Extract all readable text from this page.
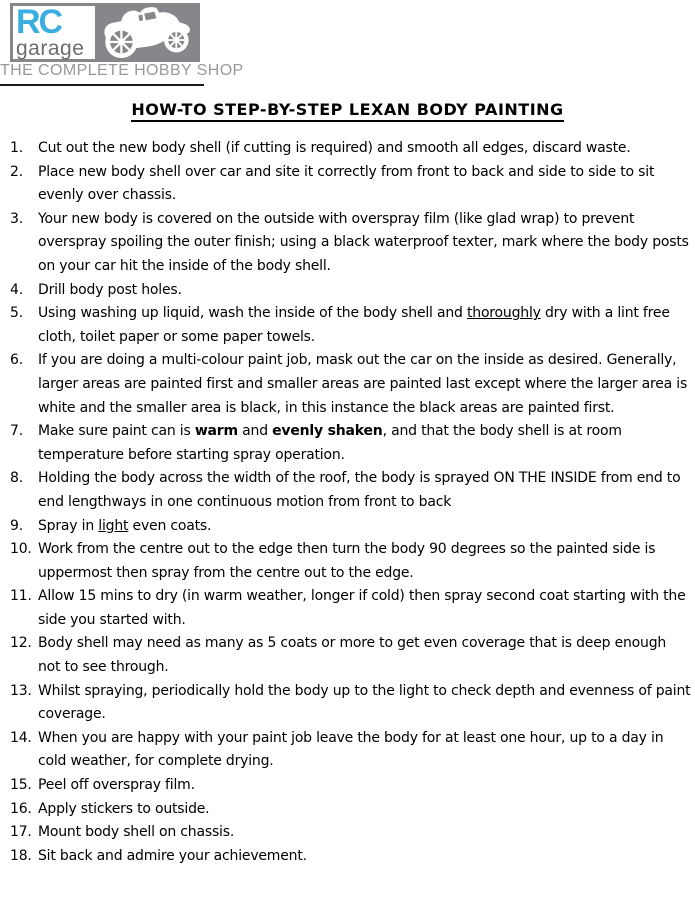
RC
garage
THE COMPLETE HOBBY SHOP
HOW-TO STEP-BY-STEP LEXAN BODY PAINTING
1.	Cut out the new body shell (if cutting is required) and smooth all edges, discard waste.
2.	Place new body shell over car and site it correctly from front to back and side to side to sit evenly over chassis.
3.	Your new body is covered on the outside with overspray film (like glad wrap) to prevent overspray spoiling the outer finish; using a black waterproof texter, mark where the body posts on your car hit the inside of the body shell.
4.	Drill body post holes.
5.	Using washing up liquid, wash the inside of the body shell and thoroughly dry with a lint free cloth, toilet paper or some paper towels.
6.	If you are doing a multi-colour paint job, mask out the car on the inside as desired. Generally, larger areas are painted first and smaller areas are painted last except where the larger area is white and the smaller area is black, in this instance the black areas are painted first.
7.	Make sure paint can is warm and evenly shaken, and that the body shell is at room temperature before starting spray operation.
8.	Holding the body across the width of the roof, the body is sprayed ON THE INSIDE from end to end lengthways in one continuous motion from front to back
9.	Spray in light even coats.
10. Work from the centre out to the edge then turn the body 90 degrees so the painted side is uppermost then spray from the centre out to the edge.
11. Allow 15 mins to dry (in warm weather, longer if cold) then spray second coat starting with the side you started with.
12. Body shell may need as many as 5 coats or more to get even coverage that is deep enough not to see through.
13. Whilst spraying, periodically hold the body up to the light to check depth and evenness of paint coverage.
14. When you are happy with your paint job leave the body for at least one hour, up to a day in cold weather, for complete drying.
15. Peel off overspray film.
16. Apply stickers to outside.
17. Mount body shell on chassis.
18. Sit back and admire your achievement.
